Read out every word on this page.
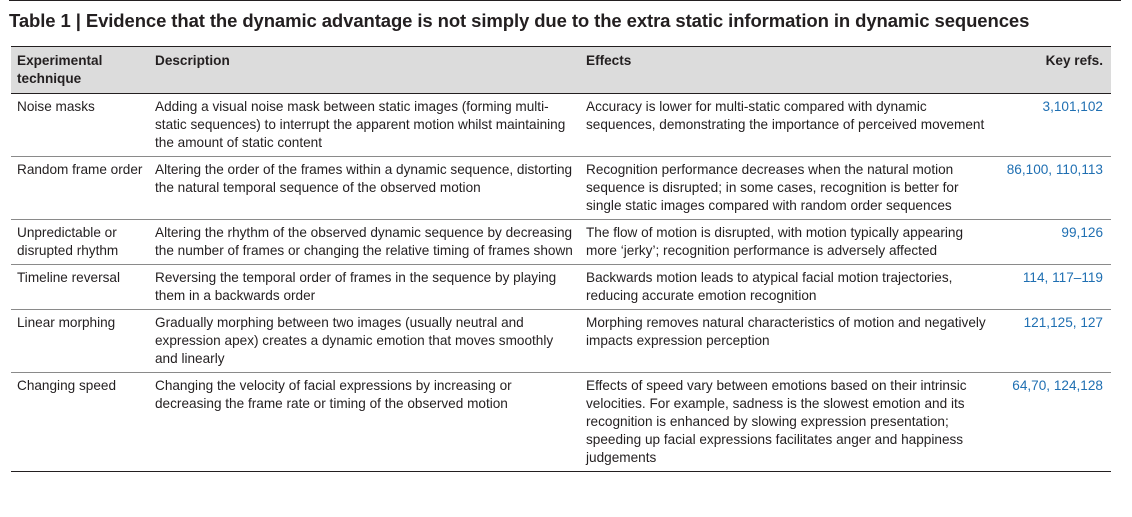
Table 1 | Evidence that the dynamic advantage is not simply due to the extra static information in dynamic sequences
Experimental technique	Description	Effects	Key refs.
Noise masks	Adding a visual noise mask between static images (forming multi-static sequences) to interrupt the apparent motion whilst maintaining the amount of static content	Accuracy is lower for multi-static compared with dynamic sequences, demonstrating the importance of perceived movement	3,101,102
Random frame order	Altering the order of the frames within a dynamic sequence, distorting the natural temporal sequence of the observed motion	Recognition performance decreases when the natural motion sequence is disrupted; in some cases, recognition is better for single static images compared with random order sequences	86,100, 110,113
Unpredictable or disrupted rhythm	Altering the rhythm of the observed dynamic sequence by decreasing the number of frames or changing the relative timing of frames shown	The flow of motion is disrupted, with motion typically appearing more ‘jerky’; recognition performance is adversely affected	99,126
Timeline reversal	Reversing the temporal order of frames in the sequence by playing them in a backwards order	Backwards motion leads to atypical facial motion trajectories, reducing accurate emotion recognition	114, 117–119
Linear morphing	Gradually morphing between two images (usually neutral and expression apex) creates a dynamic emotion that moves smoothly and linearly	Morphing removes natural characteristics of motion and negatively impacts expression perception	121,125, 127
Changing speed	Changing the velocity of facial expressions by increasing or decreasing the frame rate or timing of the observed motion	Effects of speed vary between emotions based on their intrinsic velocities. For example, sadness is the slowest emotion and its recognition is enhanced by slowing expression presentation; speeding up facial expressions facilitates anger and happiness judgements	64,70, 124,128
